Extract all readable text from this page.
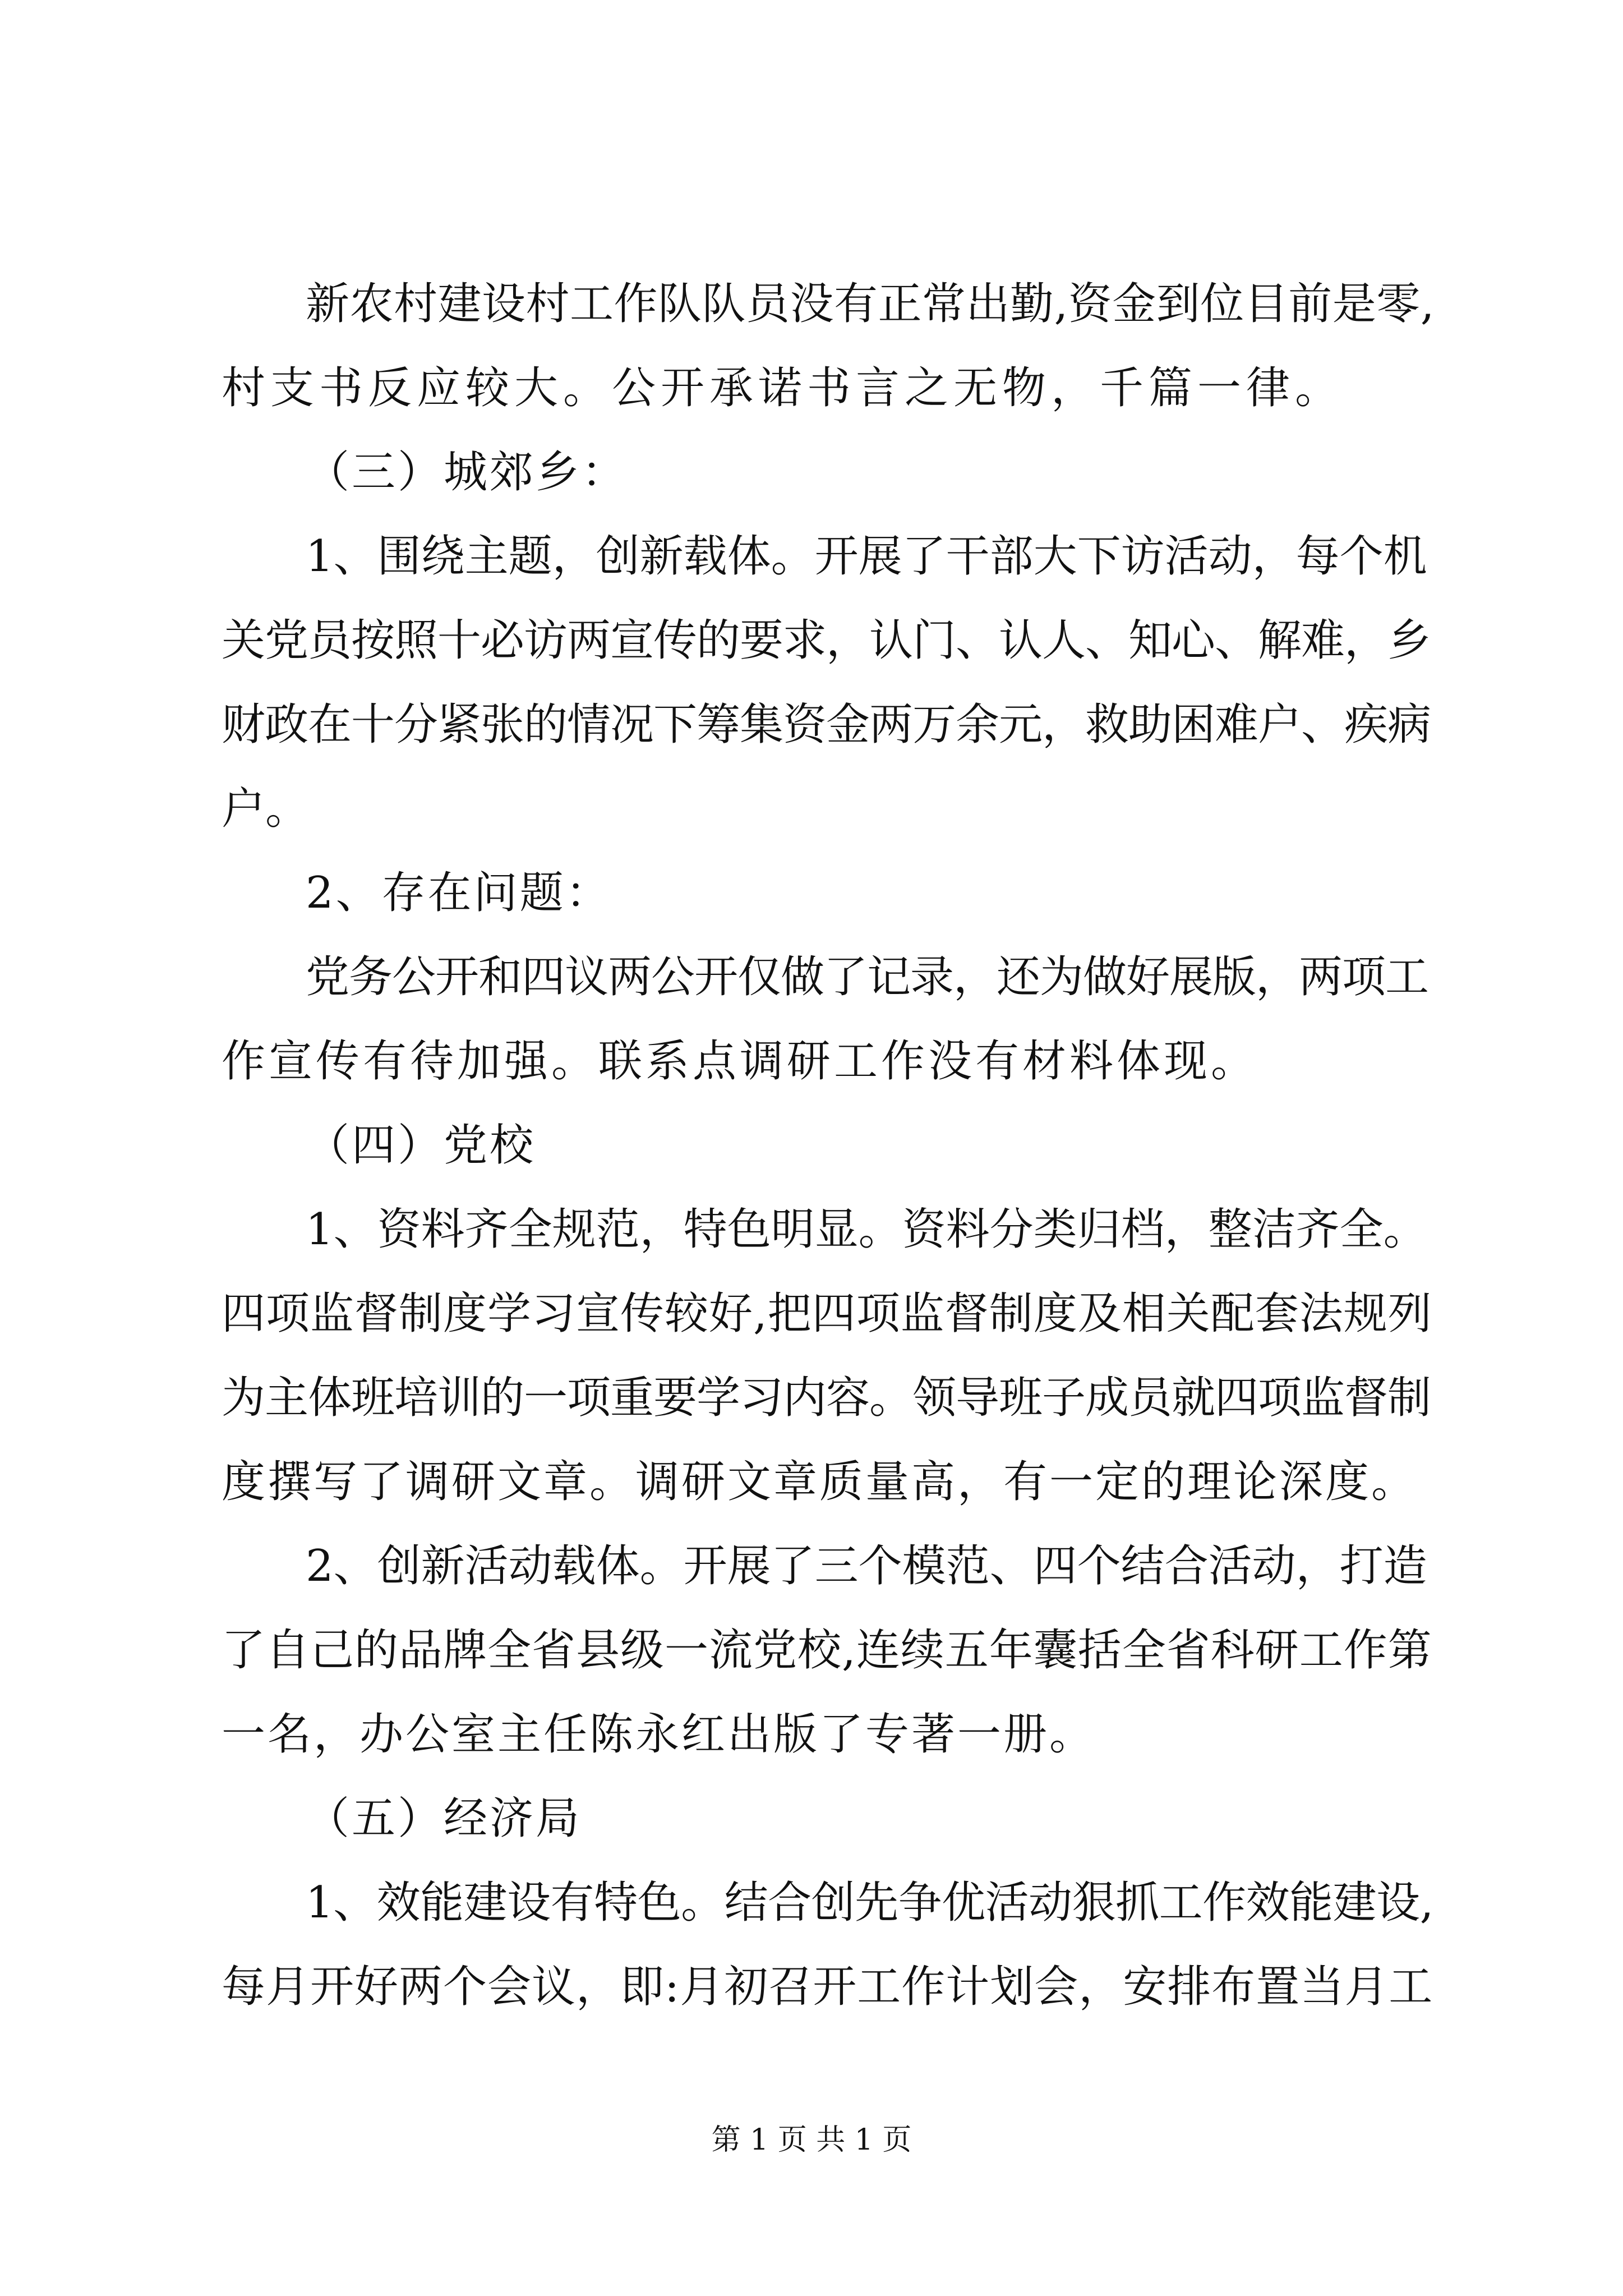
新农村建设村工作队队员没有正常出勤,资金到位目前是零,
村支书反应较大。公开承诺书言之无物，千篇一律。
（三）城郊乡：
1、围绕主题，创新载体。开展了干部大下访活动，每个机
关党员按照十必访两宣传的要求，认门、认人、知心、解难，乡
财政在十分紧张的情况下筹集资金两万余元，救助困难户、疾病
户。
2、存在问题：
党务公开和四议两公开仅做了记录，还为做好展版，两项工
作宣传有待加强。联系点调研工作没有材料体现。
（四）党校
1、资料齐全规范，特色明显。资料分类归档，整洁齐全。
四项监督制度学习宣传较好,把四项监督制度及相关配套法规列
为主体班培训的一项重要学习内容。领导班子成员就四项监督制
度撰写了调研文章。调研文章质量高，有一定的理论深度。
2、创新活动载体。开展了三个模范、四个结合活动，打造
了自己的品牌全省县级一流党校,连续五年囊括全省科研工作第
一名，办公室主任陈永红出版了专著一册。
（五）经济局
1、效能建设有特色。结合创先争优活动狠抓工作效能建设,
每月开好两个会议，即:月初召开工作计划会，安排布置当月工
第 1 页 共 1 页
